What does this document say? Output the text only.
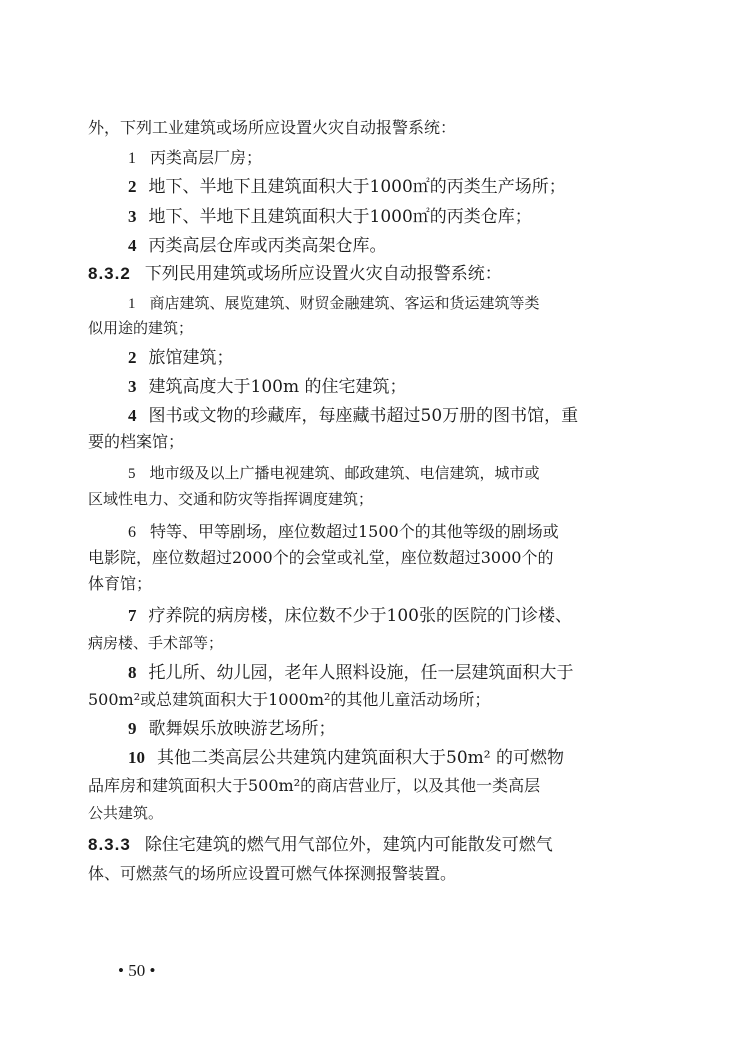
外，下列工业建筑或场所应设置火灾自动报警系统：
1 丙类高层厂房；
2 地下、半地下且建筑面积大于1000㎡的丙类生产场所；
3 地下、半地下且建筑面积大于1000㎡的丙类仓库；
4 丙类高层仓库或丙类高架仓库。
8.3.2 下列民用建筑或场所应设置火灾自动报警系统：
1 商店建筑、展览建筑、财贸金融建筑、客运和货运建筑等类
似用途的建筑；
2 旅馆建筑；
3 建筑高度大于100m 的住宅建筑；
4 图书或文物的珍藏库，每座藏书超过50万册的图书馆，重
要的档案馆；
5 地市级及以上广播电视建筑、邮政建筑、电信建筑，城市或
区域性电力、交通和防灾等指挥调度建筑；
6 特等、甲等剧场，座位数超过1500个的其他等级的剧场或
电影院，座位数超过2000个的会堂或礼堂，座位数超过3000个的
体育馆；
7 疗养院的病房楼，床位数不少于100张的医院的门诊楼、
病房楼、手术部等；
8 托儿所、幼儿园，老年人照料设施，任一层建筑面积大于
500m²或总建筑面积大于1000m²的其他儿童活动场所；
9 歌舞娱乐放映游艺场所；
10 其他二类高层公共建筑内建筑面积大于50m² 的可燃物
品库房和建筑面积大于500m²的商店营业厅，以及其他一类高层
公共建筑。
8.3.3 除住宅建筑的燃气用气部位外，建筑内可能散发可燃气
体、可燃蒸气的场所应设置可燃气体探测报警装置。
• 50 •
